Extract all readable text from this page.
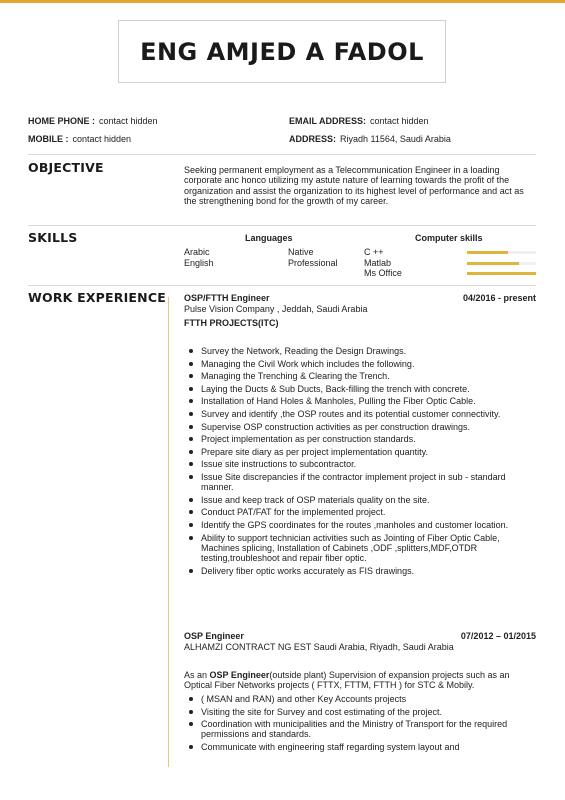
ENG AMJED A FADOL
HOME PHONE : contact hidden	EMAIL ADDRESS: contact hidden
MOBILE : contact hidden	ADDRESS: Riyadh 11564, Saudi Arabia
OBJECTIVE	Seeking permanent employment as a Telecommunication Engineer in a loading corporate anc honco utilizing my astute nature of learning towards the profit of the organization and assist the organization to its highest level of performance and act as the strengthening bond for the growth of my career.
SKILLS	Languages	Computer skills
Arabic	Native
English	Professional
C ++
Matlab
Ms Office
WORK EXPERIENCE OSP/FTTH Engineer	04/2016 - present
Pulse Vision Company , Jeddah, Saudi Arabia
FTTH PROJECTS(ITC)
Survey the Network, Reading the Design Drawings.
Managing the Civil Work which includes the following.
Managing the Trenching & Clearing the Trench.
Laying the Ducts & Sub Ducts, Back-filling the trench with concrete.
Installation of Hand Holes & Manholes, Pulling the Fiber Optic Cable.
Survey and identify ,the OSP routes and its potential customer connectivity.
Supervise OSP construction activities as per construction drawings.
Project implementation as per construction standards.
Prepare site diary as per project implementation quantity.
Issue site instructions to subcontractor.
Issue Site discrepancies if the contractor implement project in sub - standard manner.
Issue and keep track of OSP materials quality on the site.
Conduct PAT/FAT for the implemented project.
Identify the GPS coordinates for the routes ,manholes and customer location.
Ability to support technician activities such as Jointing of Fiber Optic Cable, Machines splicing, Installation of Cabinets ,ODF ,splitters,MDF,OTDR testing,troubleshoot and repair fiber optic.
Delivery fiber optic works accurately as FIS drawings.
OSP Engineer	07/2012 – 01/2015
ALHAMZI CONTRACT NG EST Saudi Arabia, Riyadh, Saudi Arabia
As an OSP Engineer(outside plant) Supervision of expansion projects such as an Optical Fiber Networks projects ( FTTX, FTTM, FTTH ) for STC & Mobily.
( MSAN and RAN) and other Key Accounts projects
Visiting the site for Survey and cost estimating of the project.
Coordination with municipalities and the Ministry of Transport for the required permissions and standards.
Communicate with engineering staff regarding system layout and
